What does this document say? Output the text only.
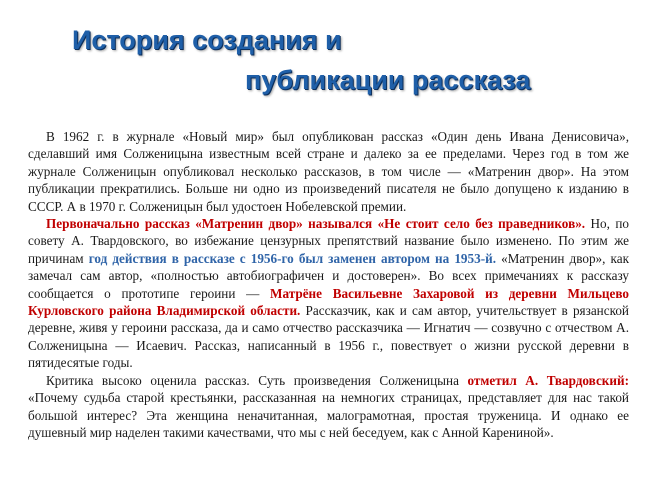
История создания и
публикации рассказа

В 1962 г. в журнале «Новый мир» был опубликован рассказ «Один день Ивана Денисовича», сделавший имя Солженицына известным всей стране и далеко за ее пределами. Через год в том же журнале Солженицын опубликовал несколько рассказов, в том числе — «Матренин двор». На этом публикации прекратились. Больше ни одно из произведений писателя не было допущено к изданию в СССР. А в 1970 г. Солженицын был удостоен Нобелевской премии.

Первоначально рассказ «Матренин двор» назывался «Не стоит село без праведников». Но, по совету А. Твардовского, во избежание цензурных препятствий название было изменено. По этим же причинам год действия в рассказе с 1956-го был заменен автором на 1953-й. «Матренин двор», как замечал сам автор, «полностью автобиографичен и достоверен». Во всех примечаниях к рассказу сообщается о прототипе героини — Матрёне Васильевне Захаровой из деревни Мильцево Курловского района Владимирской области. Рассказчик, как и сам автор, учительствует в рязанской деревне, живя у героини рассказа, да и само отчество рассказчика — Игнатич — созвучно с отчеством А. Солженицына — Исаевич. Рассказ, написанный в 1956 г., повествует о жизни русской деревни в пятидесятые годы.

Критика высоко оценила рассказ. Суть произведения Солженицына отметил А. Твардовский: «Почему судьба старой крестьянки, рассказанная на немногих страницах, представляет для нас такой большой интерес? Эта женщина неначитанная, малограмотная, простая труженица. И однако ее душевный мир наделен такими качествами, что мы с ней беседуем, как с Анной Карениной».
